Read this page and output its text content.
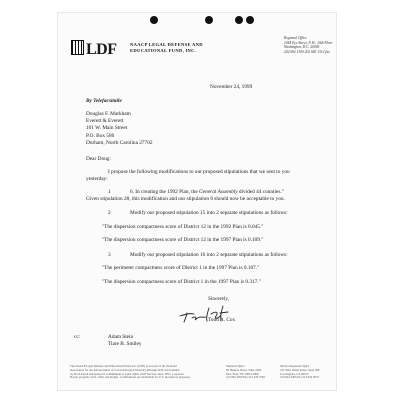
LDF	NAACP LEGAL DEFENSE AND
EDUCATIONAL FUND, INC.
Regional Office
1444 Eye Street, N.W., 10th Floor
Washington, D.C. 20005
202 682 1300 202 682 1312 fax
November 24, 1999
By Telefacsimile
Douglas F. Markham
Everett & Everett
101 W. Main Street
P.O. Box 586
Durham, North Carolina 27702
Dear Doug:
I propose the following modifications to our proposed stipulations that we sent to you
yesterday:
1	6. In creating the 1992 Plan, the General Assembly divided 44 counties."
Given stipulation 28, this modification and our stipulation 6 should now be acceptable to you.
2	Modify our proposed stipulation 15 into 2 separate stipulations as follows:
"The dispersion compactness score of District 12 in the 1992 Plan is 0.045."
"The dispersion compactness score of District 12 in the 1997 Plan is 0.109."
3	Modify our proposed stipulation 16 into 2 separate stipulations as follows:
"The perimeter compactness score of District 1 in the 1997 Plan is 0.107."
"The dispersion compactness score of District 1 in the 1997 Plan is 0.317."
Sincerely,
Todd A. Cox
cc:	Adam Stein
Tiare B. Smiley
The NAACP Legal Defense and Educational Fund, Inc. (LDF) is not part of the National
Association for the Advancement of Colored People (NAACP) although LDF was founded
by the NAACP and shares its commitment to equal rights. LDF has had, since 1957, a separate
Board, program, staff, office and budget. Contributions are deductible for U.S. income tax purposes.
National Office
99 Hudson Street, Suite 1600
New York, NY 10013-2897
212 965 2200 Fax 212 226 7592
Western Regional Office
315 West Ninth Street, Suite 208
Los Angeles, CA 90015
213 624 2405 Fax 213 624 0075
